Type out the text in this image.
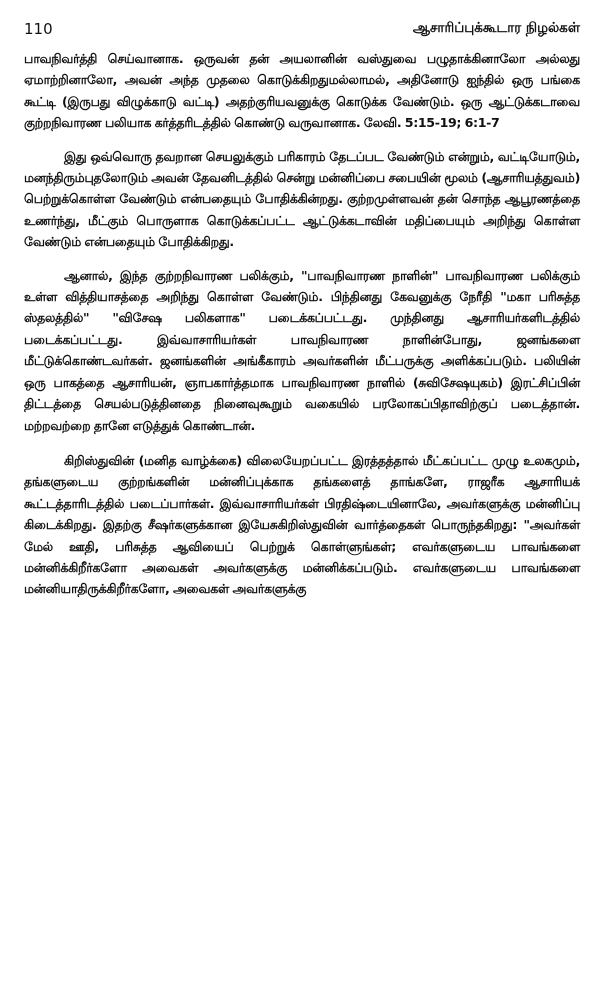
110	ஆசாரிப்புக்கூடார நிழல்கள்

பாவநிவர்த்தி செய்வானாக. ஒருவன் தன் அயலானின் வஸ்துவை பழுதாக்கினாலோ அல்லது ஏமாற்றினாலோ, அவன் அந்த முதலை கொடுக்கிறதுமல்லாமல், அதினோடு ஐந்தில் ஒரு பங்கை கூட்டி (இருபது விழுக்காடு வட்டி) அதற்குரியவனுக்கு கொடுக்க வேண்டும். ஒரு ஆட்டுக்கடாவை குற்றநிவாரண பலியாக கர்த்தரிடத்தில் கொண்டு வருவானாக. லேவி. 5:15-19; 6:1-7

இது ஒவ்வொரு தவறான செயலுக்கும் பரிகாரம் தேடப்பட வேண்டும் என்றும், வட்டியோடும், மனந்திரும்புதலோடும் அவன் தேவனிடத்தில் சென்று மன்னிப்பை சபையின் மூலம் (ஆசாரியத்துவம்) பெற்றுக்கொள்ள வேண்டும் என்பதையும் போதிக்கின்றது. குற்றமுள்ளவன் தன் சொந்த ஆபூரணத்தை உணர்ந்து, மீட்கும் பொருளாக கொடுக்கப்பட்ட ஆட்டுக்கடாவின் மதிப்பையும் அறிந்து கொள்ள வேண்டும் என்பதையும் போதிக்கிறது.

ஆனால், இந்த குற்றநிவாரண பலிக்கும், "பாவநிவாரண நாளின்" பாவநிவாரண பலிக்கும் உள்ள வித்தியாசத்தை அறிந்து கொள்ள வேண்டும். பிந்தினது கேவனுக்கு நேரீதி "மகா பரிசுத்த ஸ்தலத்தில்" "விசேஷ பலிகளாக" படைக்கப்பட்டது. முந்தினது ஆசாரியர்களிடத்தில் படைக்கப்பட்டது. இவ்வாசாரியர்கள் பாவநிவாரண நாளின்போது, ஜனங்களை மீட்டுக்கொண்டவர்கள். ஜனங்களின் அங்கீகாரம் அவர்களின் மீட்பருக்கு அளிக்கப்படும். பலியின் ஒரு பாகத்தை ஆசாரியன், ஞாபகார்த்தமாக பாவநிவாரண நாளில் (சுவிசேஷயுகம்) இரட்சிப்பின் திட்டத்தை செயல்படுத்தினதை நினைவுகூறும் வகையில் பரலோகப்பிதாவிற்குப் படைத்தான். மற்றவற்றை தானே எடுத்துக் கொண்டான்.

கிறிஸ்துவின் (மனித வாழ்க்கை) விலையேறப்பட்ட இரத்தத்தால் மீட்கப்பட்ட முழு உலகமும், தங்களுடைய குற்றங்களின் மன்னிப்புக்காக தங்களைத் தாங்களே, ராஜரீக ஆசாரியக் கூட்டத்தாரிடத்தில் படைப்பார்கள். இவ்வாசாரியர்கள் பிரதிஷ்டையினாலே, அவர்களுக்கு மன்னிப்பு கிடைக்கிறது. இதற்கு சீஷர்களுக்கான இயேசுகிறிஸ்துவின் வார்த்தைகள் பொருந்தகிறது: "அவர்கள் மேல் ஊதி, பரிசுத்த ஆவியைப் பெற்றுக் கொள்ளுங்கள்; எவர்களுடைய பாவங்களை மன்னிக்கிறீர்களோ அவைகள் அவர்களுக்கு மன்னிக்கப்படும். எவர்களுடைய பாவங்களை மன்னியாதிருக்கிறீர்களோ, அவைகள் அவர்களுக்கு
